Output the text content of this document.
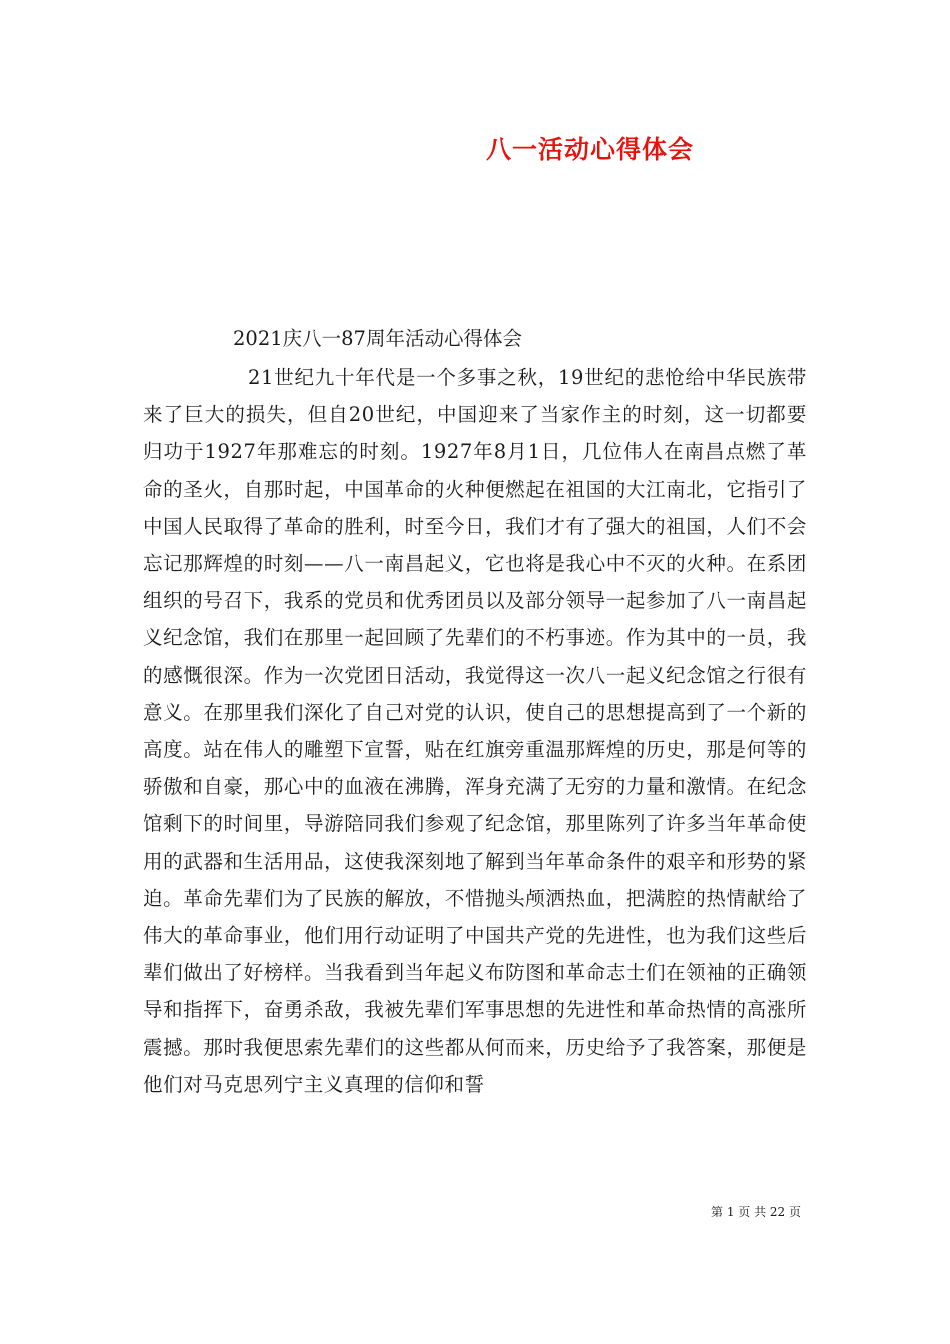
八一活动心得体会

2021庆八一87周年活动心得体会

21世纪九十年代是一个多事之秋，19世纪的悲怆给中华民族带来了巨大的损失，但自20世纪，中国迎来了当家作主的时刻，这一切都要归功于1927年那难忘的时刻。1927年8月1日，几位伟人在南昌点燃了革命的圣火，自那时起，中国革命的火种便燃起在祖国的大江南北，它指引了中国人民取得了革命的胜利，时至今日，我们才有了强大的祖国，人们不会忘记那辉煌的时刻——八一南昌起义，它也将是我心中不灭的火种。在系团组织的号召下，我系的党员和优秀团员以及部分领导一起参加了八一南昌起义纪念馆，我们在那里一起回顾了先辈们的不朽事迹。作为其中的一员，我的感慨很深。作为一次党团日活动，我觉得这一次八一起义纪念馆之行很有意义。在那里我们深化了自己对党的认识，使自己的思想提高到了一个新的高度。站在伟人的雕塑下宣誓，贴在红旗旁重温那辉煌的历史，那是何等的骄傲和自豪，那心中的血液在沸腾，浑身充满了无穷的力量和激情。在纪念馆剩下的时间里，导游陪同我们参观了纪念馆，那里陈列了许多当年革命使用的武器和生活用品，这使我深刻地了解到当年革命条件的艰辛和形势的紧迫。革命先辈们为了民族的解放，不惜抛头颅洒热血，把满腔的热情献给了伟大的革命事业，他们用行动证明了中国共产党的先进性，也为我们这些后辈们做出了好榜样。当我看到当年起义布防图和革命志士们在领袖的正确领导和指挥下，奋勇杀敌，我被先辈们军事思想的先进性和革命热情的高涨所震撼。那时我便思索先辈们的这些都从何而来，历史给予了我答案，那便是他们对马克思列宁主义真理的信仰和誓

第 1 页 共 22 页
